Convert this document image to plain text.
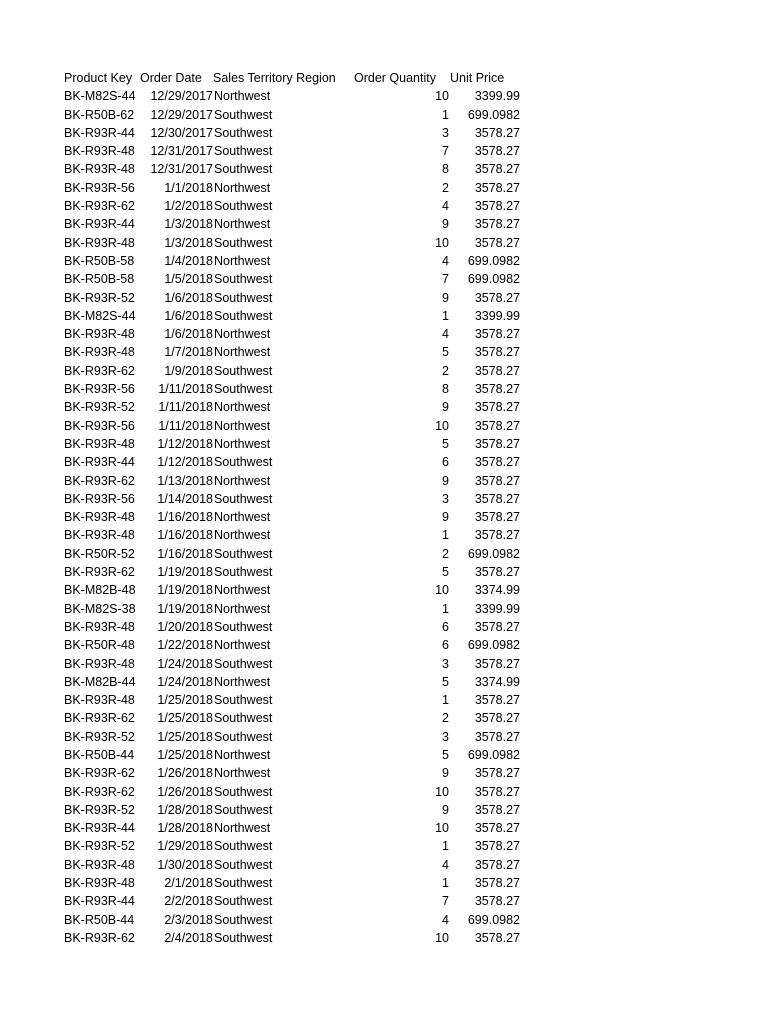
Product Key	Order Date	Sales Territory Region	Order Quantity	Unit Price
BK-M82S-44	12/29/2017	Northwest	10	3399.99
BK-R50B-62	12/29/2017	Southwest	1	699.0982
BK-R93R-44	12/30/2017	Southwest	3	3578.27
BK-R93R-48	12/31/2017	Southwest	7	3578.27
BK-R93R-48	12/31/2017	Southwest	8	3578.27
BK-R93R-56	1/1/2018	Northwest	2	3578.27
BK-R93R-62	1/2/2018	Southwest	4	3578.27
BK-R93R-44	1/3/2018	Northwest	9	3578.27
BK-R93R-48	1/3/2018	Southwest	10	3578.27
BK-R50B-58	1/4/2018	Northwest	4	699.0982
BK-R50B-58	1/5/2018	Southwest	7	699.0982
BK-R93R-52	1/6/2018	Southwest	9	3578.27
BK-M82S-44	1/6/2018	Southwest	1	3399.99
BK-R93R-48	1/6/2018	Northwest	4	3578.27
BK-R93R-48	1/7/2018	Northwest	5	3578.27
BK-R93R-62	1/9/2018	Southwest	2	3578.27
BK-R93R-56	1/11/2018	Southwest	8	3578.27
BK-R93R-52	1/11/2018	Northwest	9	3578.27
BK-R93R-56	1/11/2018	Northwest	10	3578.27
BK-R93R-48	1/12/2018	Northwest	5	3578.27
BK-R93R-44	1/12/2018	Southwest	6	3578.27
BK-R93R-62	1/13/2018	Northwest	9	3578.27
BK-R93R-56	1/14/2018	Southwest	3	3578.27
BK-R93R-48	1/16/2018	Northwest	9	3578.27
BK-R93R-48	1/16/2018	Northwest	1	3578.27
BK-R50R-52	1/16/2018	Southwest	2	699.0982
BK-R93R-62	1/19/2018	Southwest	5	3578.27
BK-M82B-48	1/19/2018	Northwest	10	3374.99
BK-M82S-38	1/19/2018	Northwest	1	3399.99
BK-R93R-48	1/20/2018	Southwest	6	3578.27
BK-R50R-48	1/22/2018	Northwest	6	699.0982
BK-R93R-48	1/24/2018	Southwest	3	3578.27
BK-M82B-44	1/24/2018	Northwest	5	3374.99
BK-R93R-48	1/25/2018	Southwest	1	3578.27
BK-R93R-62	1/25/2018	Southwest	2	3578.27
BK-R93R-52	1/25/2018	Southwest	3	3578.27
BK-R50B-44	1/25/2018	Northwest	5	699.0982
BK-R93R-62	1/26/2018	Northwest	9	3578.27
BK-R93R-62	1/26/2018	Southwest	10	3578.27
BK-R93R-52	1/28/2018	Southwest	9	3578.27
BK-R93R-44	1/28/2018	Northwest	10	3578.27
BK-R93R-52	1/29/2018	Southwest	1	3578.27
BK-R93R-48	1/30/2018	Southwest	4	3578.27
BK-R93R-48	2/1/2018	Southwest	1	3578.27
BK-R93R-44	2/2/2018	Southwest	7	3578.27
BK-R50B-44	2/3/2018	Southwest	4	699.0982
BK-R93R-62	2/4/2018	Southwest	10	3578.27
